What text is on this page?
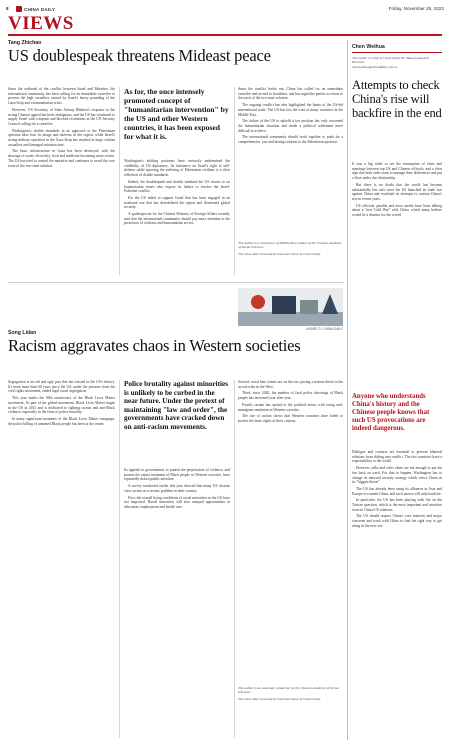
8	CHINA DAILY	Friday, November 25, 2022
VIEWS
Tang Zhichao
US doublespeak threatens Mideast peace

Since the outbreak of the conflict between Israel and Palestine, the international community has been calling for an immediate ceasefire to prevent the high casualties caused by Israel's heavy pounding of the Gaza Strip and a humanitarian crisis.

However, US Secretary of State Antony Blinken's response to the strong Chinese appeal has been ambiguous, and the US has continued to supply Israel with weapons and blocked resolutions at the UN Security Council calling for a ceasefire.

Washington's double standards in its approach to the Palestinian question have hurt its image and interests in the region, while Israel's strong military operation in the Gaza Strip has resulted in large civilian casualties and damaged infrastructure.

The basic infrastructure in Gaza has been destroyed, with the shortage of water, electricity, food and medicine becoming more severe. The US has tried to control the narrative and continues to avoid the core issue of the two-state solution.

As for, the once intensely promoted concept of "humanitarian intervention" by the US and other Western countries, it has been exposed for what it is.

Washington's shifting positions have seriously undermined the credibility of US diplomacy. Its insistence on Israel's right to self-defense while ignoring the suffering of Palestinian civilians is a clear reflection of double standards.

Indeed, the doublespeak and double standard the US resorts to on humanitarian issues also expose its failure to resolve the Israel-Palestine conflict.

For the US failed to support Israel that has been engaged in an irrational war that has destabilized the region and threatened global security.

A spokesperson for the Chinese Ministry of Foreign Affairs recently said that the international community should pay more attention to the protection of civilians and humanitarian access.

Since the conflict broke out, China has called for an immediate ceasefire and an end to hostilities, and has urged the parties to return to the track of the two-state solution.

The ongoing conflict has also highlighted the limits of the US-led international order. The US has lost the trust of many countries in the Middle East.

The failure of the US to uphold a fair position has only worsened the humanitarian situation and made a political settlement more difficult to achieve.

The international community should work together to push for a comprehensive, just and lasting solution to the Palestinian question.

The author is a researcher of Middle East studies at the Chinese Academy of Social Sciences.
The views don't necessarily represent those of China Daily.
Song Lidan
Racism aggravates chaos in Western societies
ANDRE G / CHINA DAILY

Segregation is an old and ugly part that has existed in the US's history. It's been more than 60 years since the US, under the pressure from the civil rights movement, ended legal racial segregation.

This year marks the 60th anniversary of the Black Lives Matter movement. As part of the global movement, Black Lives Matter began in the US in 2013 and is dedicated to fighting racism and anti-Black violence, especially in the form of police brutality.

In many significant moments of the Black Lives Matter campaign, the police killing of unarmed Black people has been at the center.

Police brutality against minorities is unlikely to be curbed in the near future. Under the pretext of maintaining "law and order", the governments have cracked down on anti-racism movements.

Its appeals to governments to punish the perpetrators of violence, and protest the unjust treatment of Black people in Western societies, have repeatedly drawn public attention.

A survey conducted earlier this year showed that many US citizens view racism as a serious problem in their country.

First, the overall living conditions of racial minorities in the US have not improved. Racial minorities still face unequal opportunities in education, employment and health care.

Second, racial hate crimes are on the rise, posing a serious threat to the social order in the West.

Third, since 2020, the number of fatal police shootings of Black people has increased year after year.

Fourth, racism has spread to the political arena, with rising anti-immigrant sentiment in Western societies.

The rise of racism shows that Western countries have failed to protect the basic rights of their citizens.

The author is an associate researcher at the Chinese Academy of Social Sciences.
The views don't necessarily represent those of China Daily.
Chen Weihua
The author is chief of China Daily EU Bureau based in Brussels.
chenweihua@chinadaily.com.cn
Attempts to check China's rise will backfire in the end

It was a big relief to see the resumption of visits and meetings between top US and Chinese officials, and a clear sign that both sides want to manage their differences and put a floor under the relationship.

But there is no doubt that the world has become substantially less safe since the US launched its trade war against China and escalated its attempts to contain China's rise in recent years.

US officials, pundits and news media have been talking about a "new Cold War" with China, which many believe would be a disaster for the world.

Anyone who understands China's history and the Chinese people knows that such US provocations are indeed dangerous.

Dialogue and contacts are essential to prevent bilateral relations from sliding into conflict. The two countries have a responsibility to the world.

However, talks and visits alone are not enough to put the ties back on track. For that to happen, Washington has to change its national security strategy which views China as its "biggest threat".

The US has already been using its alliances in Asia and Europe to contain China, and such moves will only backfire.

In particular, the US has been playing with fire on the Taiwan question, which is the most important and sensitive issue in China-US relations.

The US should respect China's core interests and major concerns and work with China to find the right way to get along in the new era.
